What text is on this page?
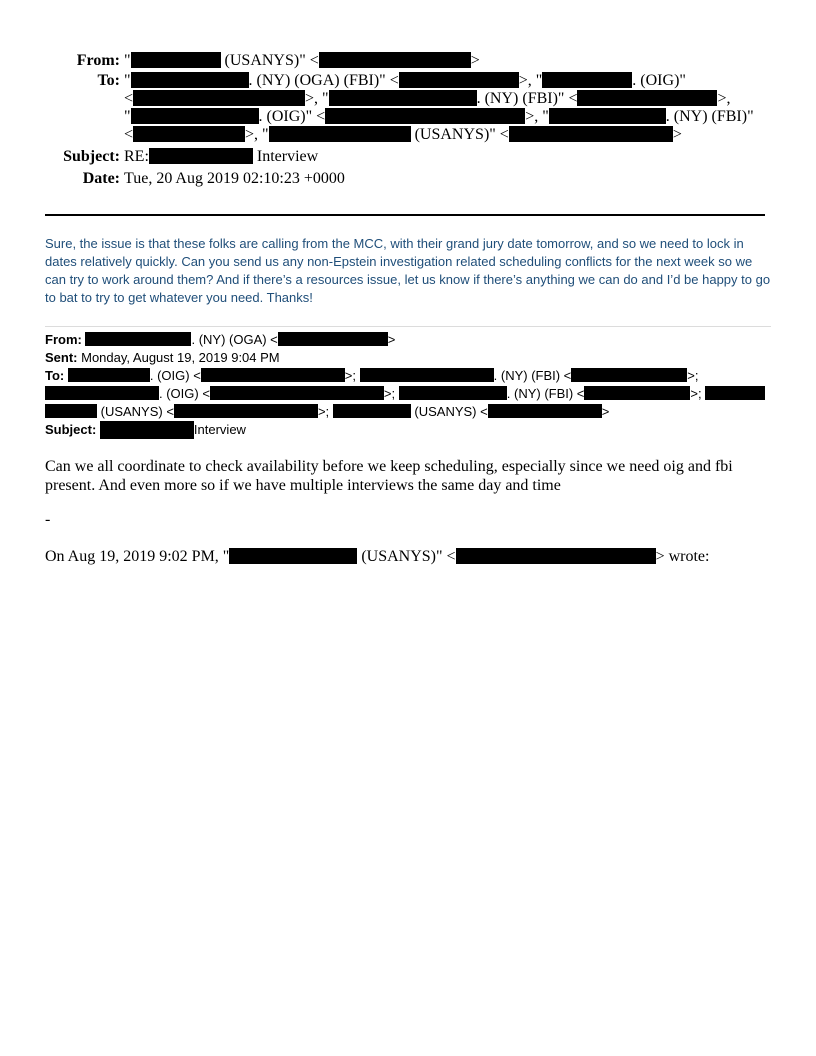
From: "	(USANYS)" <	>
To: "	. (NY) (OGA) (FBI)" <	>, "	. (OIG)"
<	>, "	. (NY) (FBI)" <	>,
"	. (OIG)" <	>, "	. (NY) (FBI)"
<	>, "	(USANYS)" <	>
Subject: RE:	Interview
Date: Tue, 20 Aug 2019 02:10:23 +0000
Sure, the issue is that these folks are calling from the MCC, with their grand jury date tomorrow, and so we need to lock in dates relatively quickly. Can you send us any non-Epstein investigation related scheduling conflicts for the next week so we can try to work around them? And if there’s a resources issue, let us know if there’s anything we can do and I’d be happy to go to bat to try to get whatever you need. Thanks!
From:	. (NY) (OGA) <	>
Sent: Monday, August 19, 2019 9:04 PM
To:	. (OIG) <	>;	. (NY) (FBI) <	>;
. (OIG) <	>;	. (NY) (FBI) <	>;
(USANYS) <	>;	(USANYS) <	>
Subject:	Interview
Can we all coordinate to check availability before we keep scheduling, especially since we need oig and fbi present. And even more so if we have multiple interviews the same day and time
-
On Aug 19, 2019 9:02 PM, "	(USANYS)" <	> wrote:
